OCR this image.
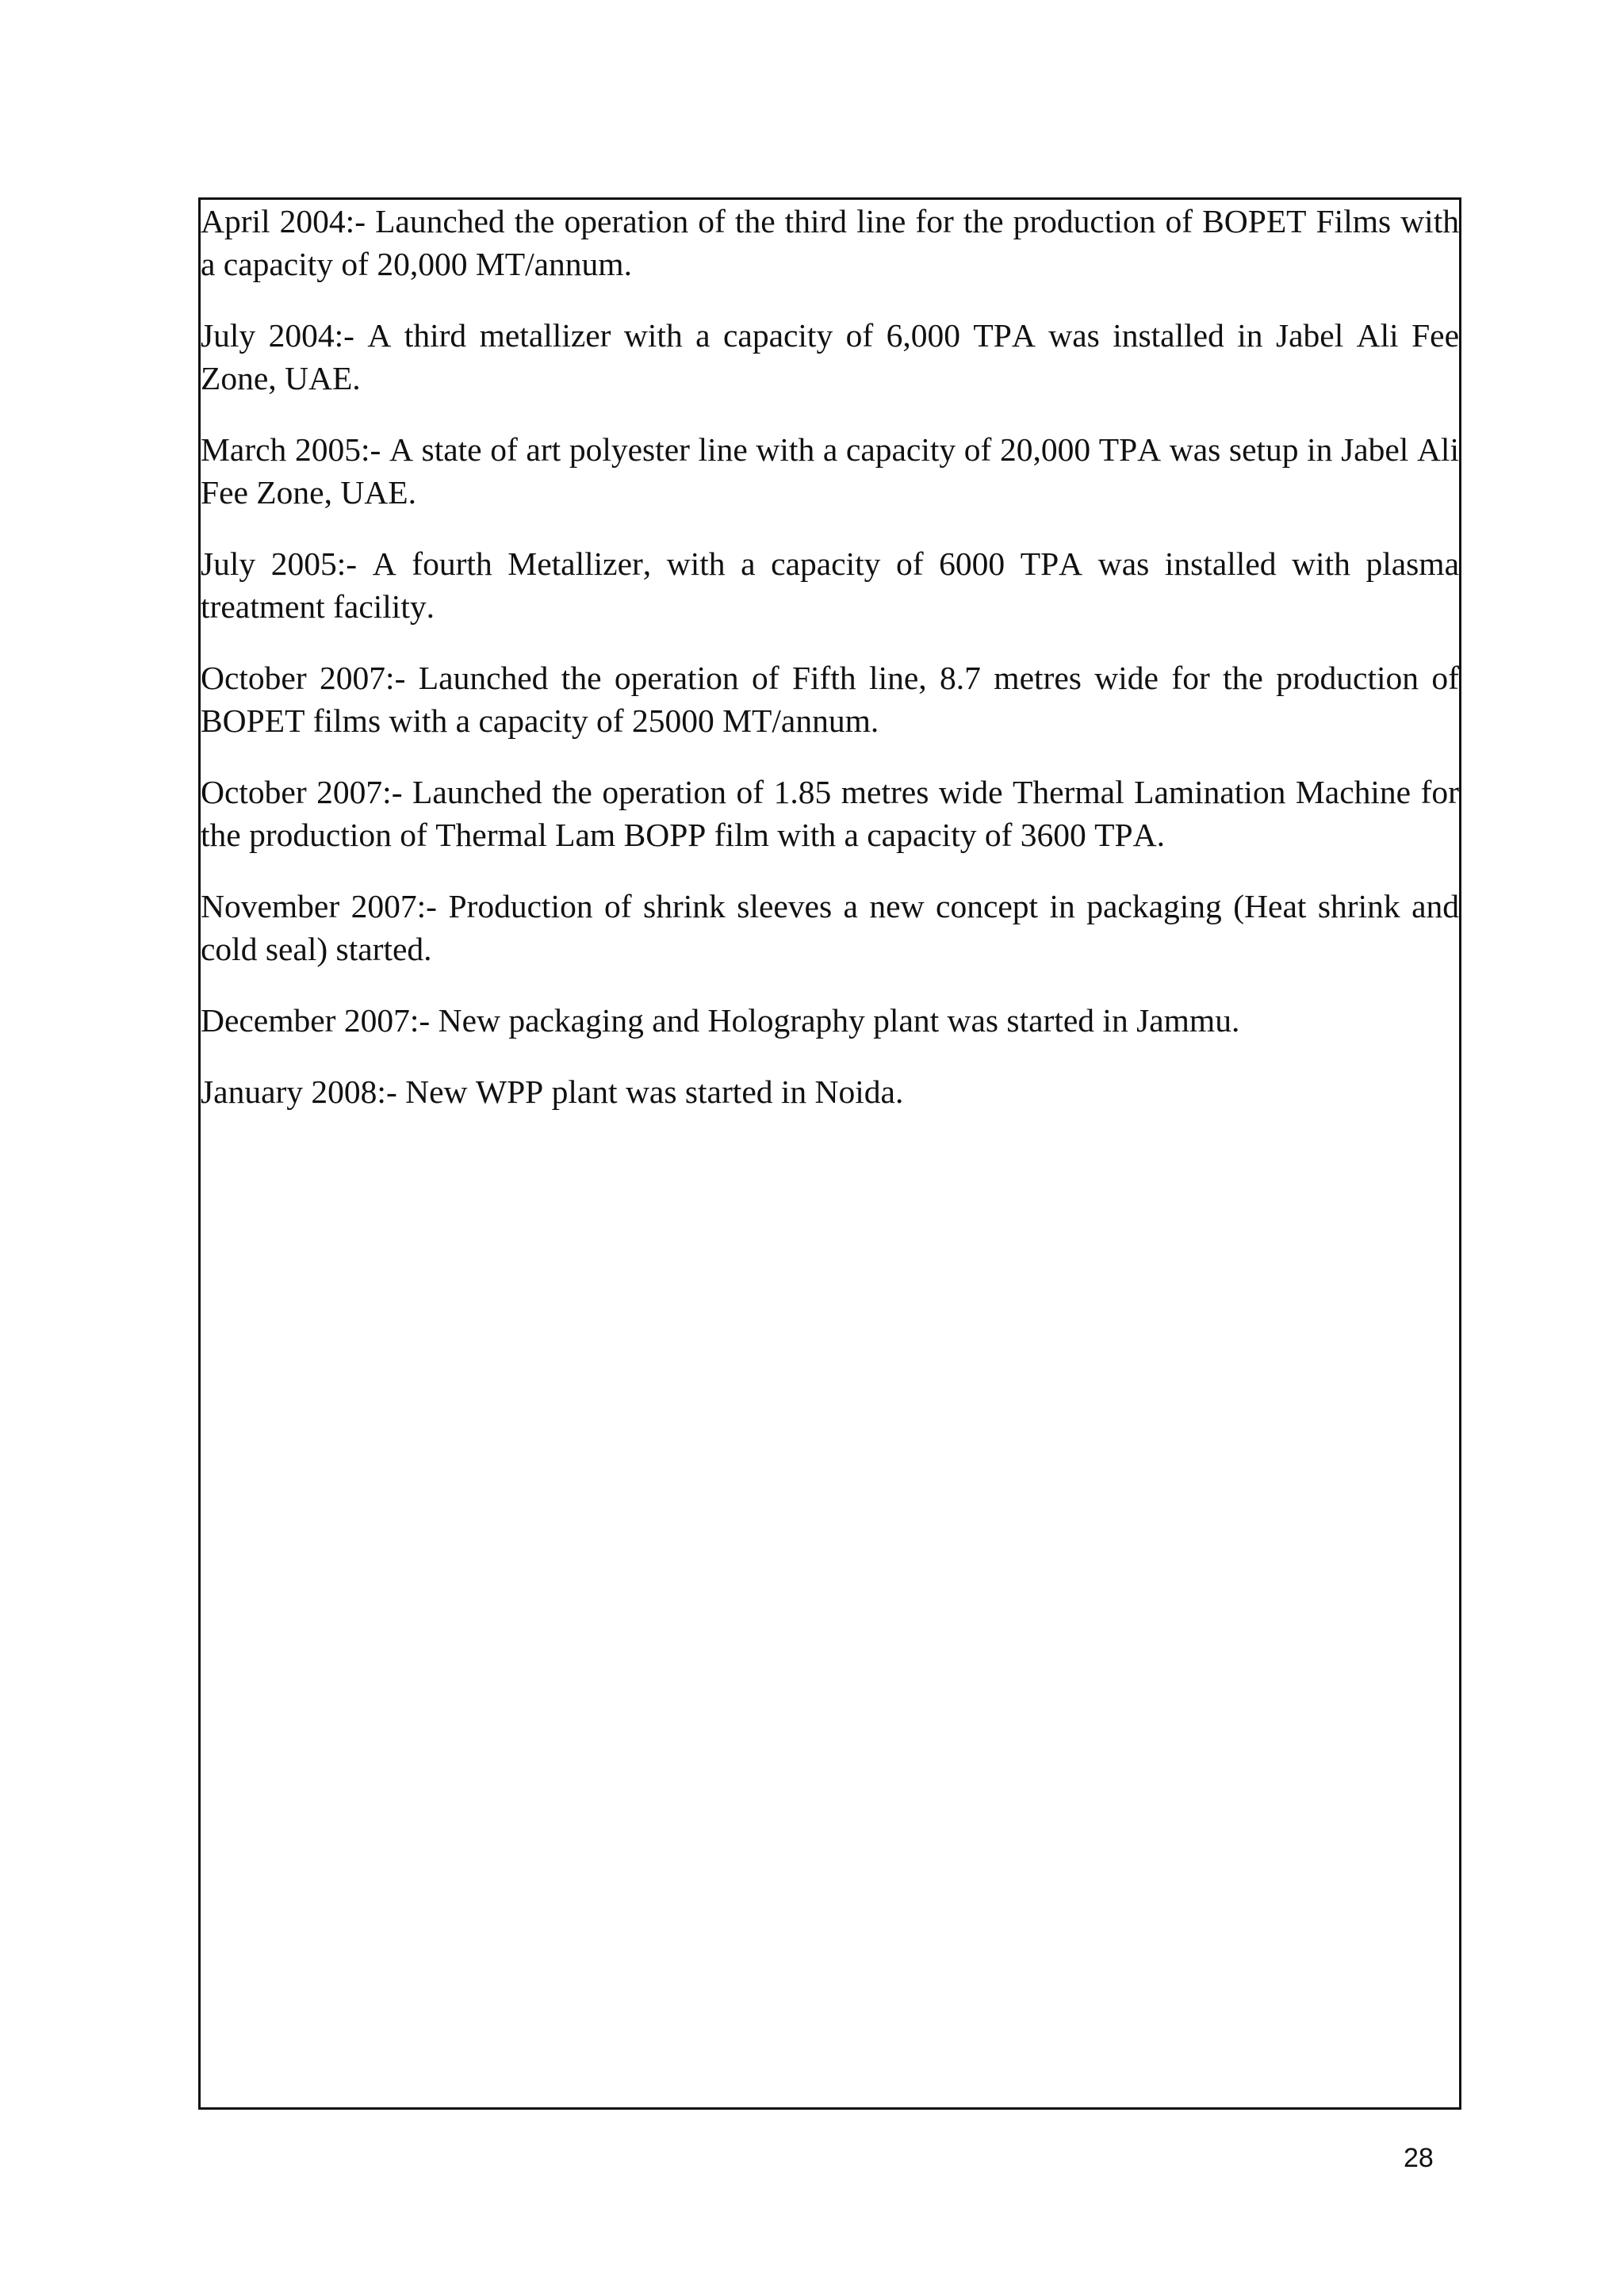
April 2004:- Launched the operation of the third line for the production of BOPET Films with a capacity of 20,000 MT/annum.

July 2004:- A third metallizer with a capacity of 6,000 TPA was installed in Jabel Ali Fee Zone, UAE.

March 2005:- A state of art polyester line with a capacity of 20,000 TPA was setup in Jabel Ali Fee Zone, UAE.

July 2005:- A fourth Metallizer, with a capacity of 6000 TPA was installed with plasma treatment facility.

October 2007:- Launched the operation of Fifth line, 8.7 metres wide for the production of BOPET films with a capacity of 25000 MT/annum.

October 2007:- Launched the operation of 1.85 metres wide Thermal Lamination Machine for the production of Thermal Lam BOPP film with a capacity of 3600 TPA.

November 2007:- Production of shrink sleeves a new concept in packaging (Heat shrink and cold seal) started.

December 2007:- New packaging and Holography plant was started in Jammu.

January 2008:- New WPP plant was started in Noida.

28
